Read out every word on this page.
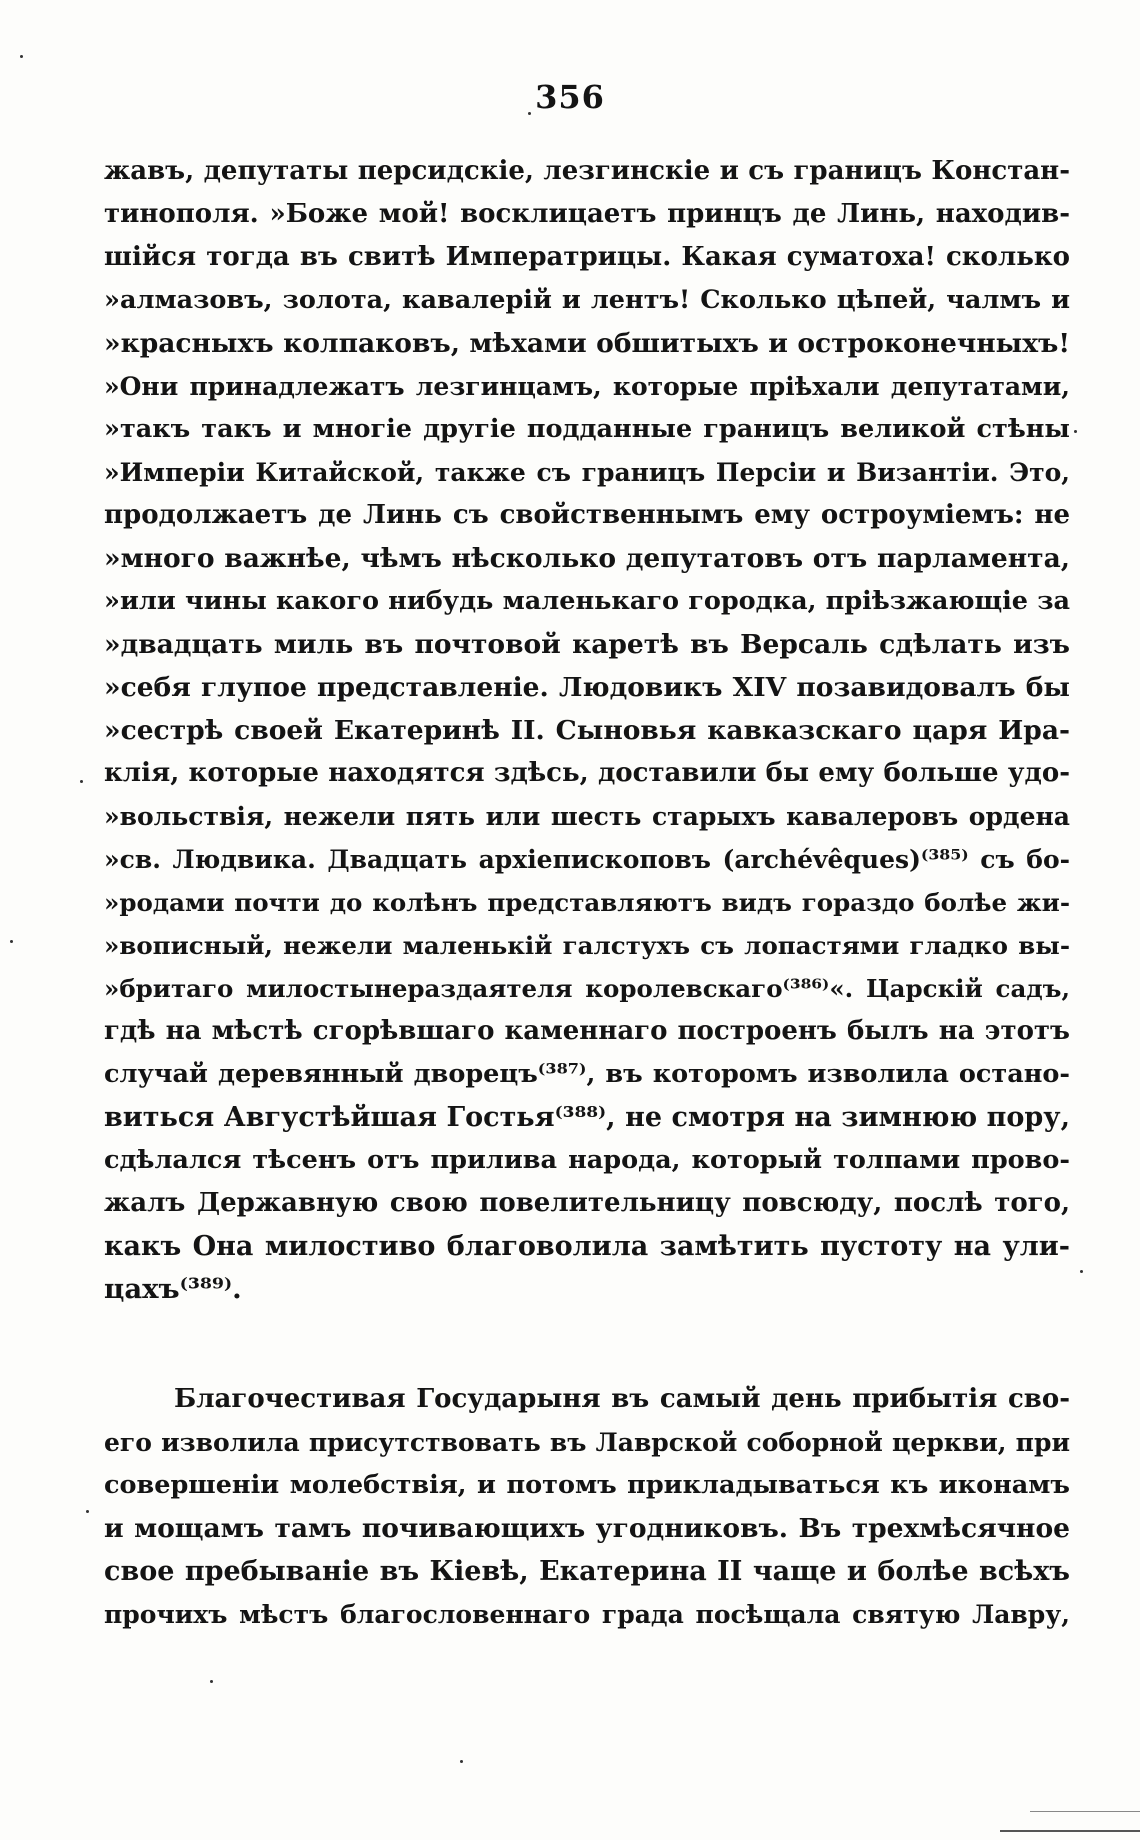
356
жавъ, депутаты персидскіе, лезгинскіе и съ границъ Констан-
тинополя. »Боже мой! восклицаетъ принцъ де Линь, находив-
шійся тогда въ свитѣ Императрицы. Какая суматоха! сколько
»алмазовъ, золота, кавалерій и лентъ! Сколько цѣпей, чалмъ и
»красныхъ колпаковъ, мѣхами обшитыхъ и остроконечныхъ!
»Они принадлежатъ лезгинцамъ, которые пріѣхали депутатами,
»такъ такъ и многіе другіе подданные границъ великой стѣны
»Имперіи Китайской, также съ границъ Персіи и Византіи. Это,
продолжаетъ де Линь съ свойственнымъ ему остроуміемъ: не
»много важнѣе, чѣмъ нѣсколько депутатовъ отъ парламента,
»или чины какого нибудь маленькаго городка, пріѣзжающіе за
»двадцать миль въ почтовой каретѣ въ Версаль сдѣлать изъ
»себя глупое представленіе. Людовикъ XIV позавидовалъ бы
»сестрѣ своей Екатеринѣ II. Сыновья кавказскаго царя Ира-
клія, которые находятся здѣсь, доставили бы ему больше удо-
»вольствія, нежели пять или шесть старыхъ кавалеровъ ордена
»св. Людвика. Двадцать архіепископовъ (archévêques)⁽³⁸⁵⁾ съ бо-
»родами почти до колѣнъ представляютъ видъ гораздо болѣе жи-
»вописный, нежели маленькій галстухъ съ лопастями гладко вы-
»бритаго милостынераздаятеля королевскаго⁽³⁸⁶⁾«. Царскій садъ,
гдѣ на мѣстѣ сгорѣвшаго каменнаго построенъ былъ на этотъ
случай деревянный дворецъ⁽³⁸⁷⁾, въ которомъ изволила остано-
виться Августѣйшая Гостья⁽³⁸⁸⁾, не смотря на зимнюю пору,
сдѣлался тѣсенъ отъ прилива народа, который толпами прово-
жалъ Державную свою повелительницу повсюду, послѣ того,
какъ Она милостиво благоволила замѣтить пустоту на ули-
цахъ⁽³⁸⁹⁾.
Благочестивая Государыня въ самый день прибытія сво-
его изволила присутствовать въ Лаврской соборной церкви, при
совершеніи молебствія, и потомъ прикладываться къ иконамъ
и мощамъ тамъ почивающихъ угодниковъ. Въ трехмѣсячное
свое пребываніе въ Кіевѣ, Екатерина II чаще и болѣе всѣхъ
прочихъ мѣстъ благословеннаго града посѣщала святую Лавру,
